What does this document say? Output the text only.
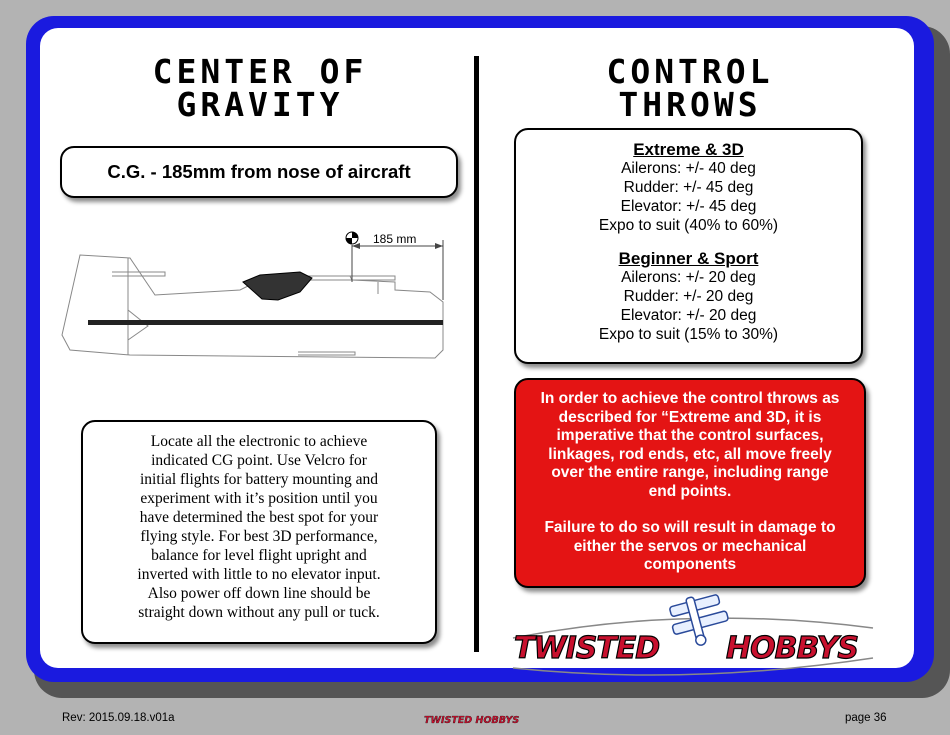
CENTER OF
GRAVITY
CONTROL
THROWS
C.G. - 185mm from nose of aircraft
185 mm
Locate all the electronic to achieve
indicated CG point. Use Velcro for
initial flights for battery mounting and
experiment with it’s position until you
have determined the best spot for your
flying style. For best 3D performance,
balance for level flight upright and
inverted with little to no elevator input.
Also power off down line should be
straight down without any pull or tuck.
Extreme & 3D
Ailerons: +/- 40 deg
Rudder: +/- 45 deg
Elevator: +/- 45 deg
Expo to suit (40% to 60%)
Beginner & Sport
Ailerons: +/- 20 deg
Rudder: +/- 20 deg
Elevator: +/- 20 deg
Expo to suit (15% to 30%)
In order to achieve the control throws as
described for “Extreme and 3D, it is
imperative that the control surfaces,
linkages, rod ends, etc, all move freely
over the entire range, including range
end points.
Failure to do so will result in damage to
either the servos or mechanical
components
TWISTED HOBBYS
Rev: 2015.09.18.v01a	page 36
TWISTED HOBBYS
